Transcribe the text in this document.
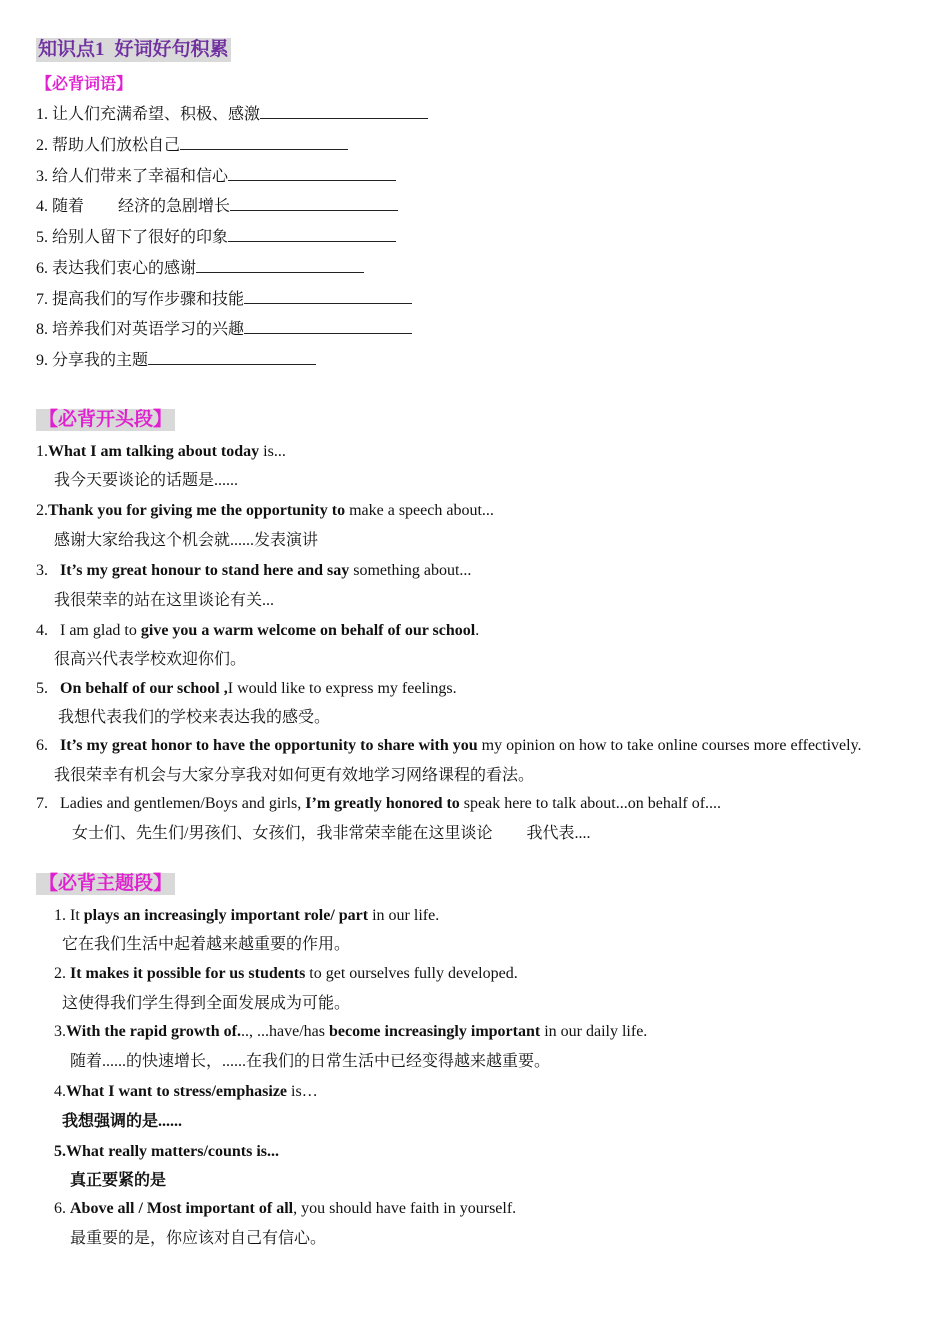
知识点1 好词好句积累
【必背词语】
1. 让人们充满希望、积极、感激
2. 帮助人们放松自己
3. 给人们带来了幸福和信心
4. 随着 经济的急剧增长
5. 给别人留下了很好的印象
6. 表达我们衷心的感谢
7. 提高我们的写作步骤和技能
8. 培养我们对英语学习的兴趣
9. 分享我的主题
【必背开头段】
1.What I am talking about today is...
我今天要谈论的话题是......
2.Thank you for giving me the opportunity to make a speech about...
感谢大家给我这个机会就......发表演讲
3. It’s my great honour to stand here and say something about...
我很荣幸的站在这里谈论有关...
4. I am glad to give you a warm welcome on behalf of our school.
很高兴代表学校欢迎你们。
5. On behalf of our school ,I would like to express my feelings.
我想代表我们的学校来表达我的感受。
6. It’s my great honor to have the opportunity to share with you my opinion on how to take online courses more effectively.
我很荣幸有机会与大家分享我对如何更有效地学习网络课程的看法。
7. Ladies and gentlemen/Boys and girls, I’m greatly honored to speak here to talk about...on behalf of....
女士们、先生们/男孩们、女孩们，我非常荣幸能在这里谈论 我代表....
【必背主题段】
1. It plays an increasingly important role/ part in our life.
它在我们生活中起着越来越重要的作用。
2. It makes it possible for us students to get ourselves fully developed.
这使得我们学生得到全面发展成为可能。
3.With the rapid growth of..., ...have/has become increasingly important in our daily life.
随着......的快速增长，......在我们的日常生活中已经变得越来越重要。
4.What I want to stress/emphasize is…
我想强调的是......
5.What really matters/counts is...
真正要紧的是
6. Above all / Most important of all, you should have faith in yourself.
最重要的是，你应该对自己有信心。
